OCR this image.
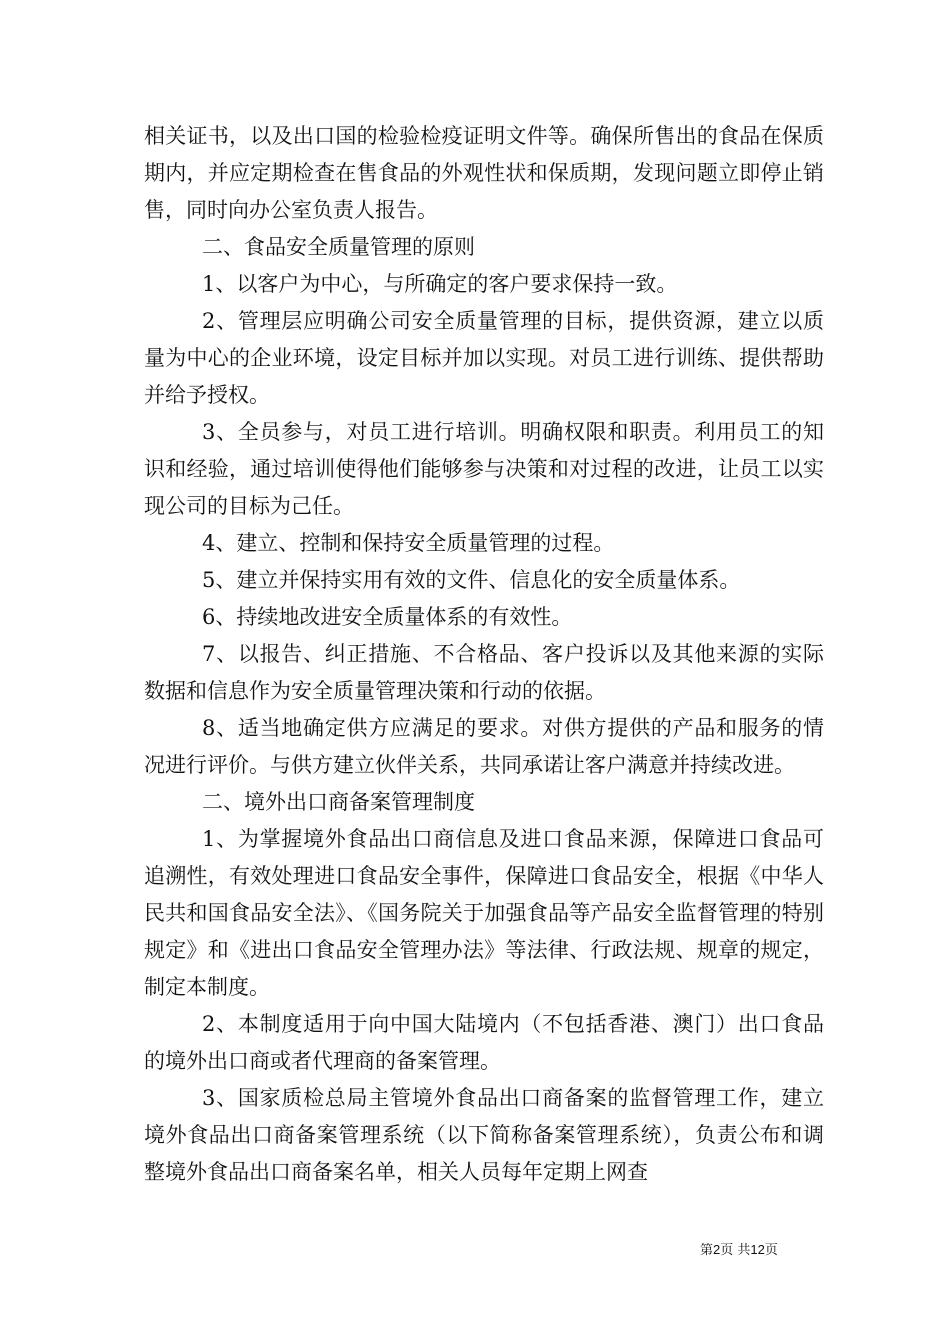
相关证书，以及出口国的检验检疫证明文件等。确保所售出的食品在保质期内，并应定期检查在售食品的外观性状和保质期，发现问题立即停止销售，同时向办公室负责人报告。

二、食品安全质量管理的原则

1、以客户为中心，与所确定的客户要求保持一致。

2、管理层应明确公司安全质量管理的目标，提供资源，建立以质量为中心的企业环境，设定目标并加以实现。对员工进行训练、提供帮助并给予授权。

3、全员参与，对员工进行培训。明确权限和职责。利用员工的知识和经验，通过培训使得他们能够参与决策和对过程的改进，让员工以实现公司的目标为己任。

4、建立、控制和保持安全质量管理的过程。

5、建立并保持实用有效的文件、信息化的安全质量体系。

6、持续地改进安全质量体系的有效性。

7、以报告、纠正措施、不合格品、客户投诉以及其他来源的实际数据和信息作为安全质量管理决策和行动的依据。

8、适当地确定供方应满足的要求。对供方提供的产品和服务的情况进行评价。与供方建立伙伴关系，共同承诺让客户满意并持续改进。

二、境外出口商备案管理制度

1、为掌握境外食品出口商信息及进口食品来源，保障进口食品可追溯性，有效处理进口食品安全事件，保障进口食品安全，根据《中华人民共和国食品安全法》、《国务院关于加强食品等产品安全监督管理的特别规定》和《进出口食品安全管理办法》等法律、行政法规、规章的规定，制定本制度。

2、本制度适用于向中国大陆境内（不包括香港、澳门）出口食品的境外出口商或者代理商的备案管理。

3、国家质检总局主管境外食品出口商备案的监督管理工作，建立境外食品出口商备案管理系统（以下简称备案管理系统），负责公布和调整境外食品出口商备案名单，相关人员每年定期上网查

第2页 共12页
